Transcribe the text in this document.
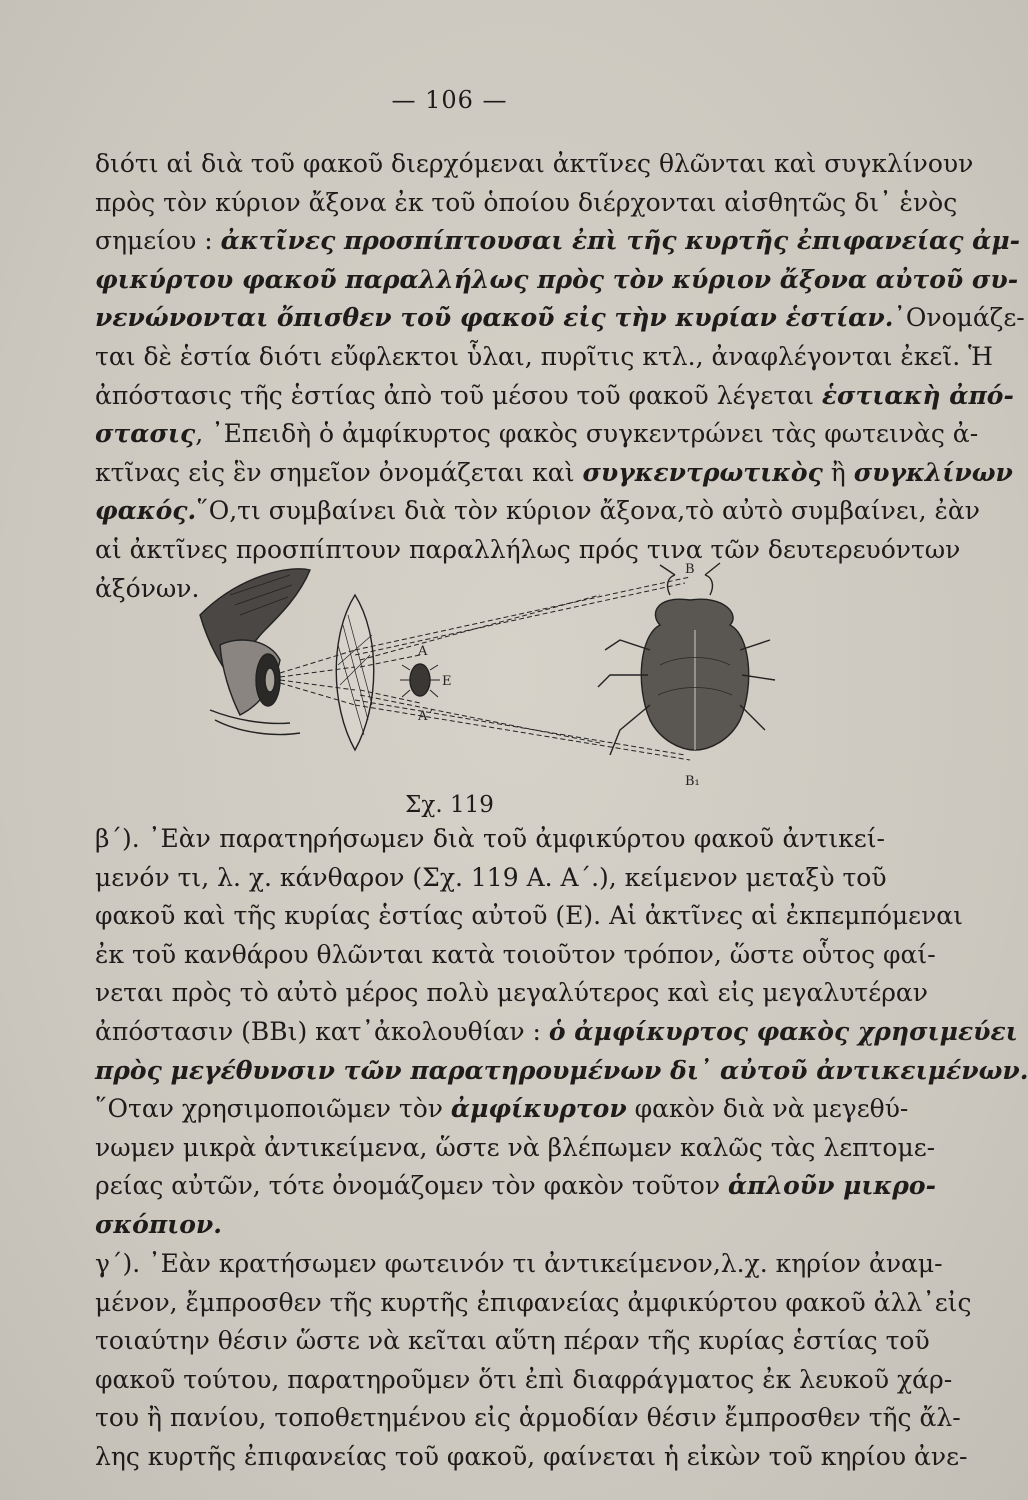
— 106 —
διότι αἱ διὰ τοῦ φακοῦ διερχόμεναι ἀκτῖνες θλῶνται καὶ συγκλίνουν
πρὸς τὸν κύριον ἄξονα ἐκ τοῦ ὁποίου διέρχονται αἰσθητῶς δι᾽ ἑνὸς
σημείου : ἀκτῖνες προσπίπτουσαι ἐπὶ τῆς κυρτῆς ἐπιφανείας ἀμ-
φικύρτου φακοῦ παραλλήλως πρὸς τὸν κύριον ἄξονα αὐτοῦ συ-
νενώνονται ὄπισθεν τοῦ φακοῦ εἰς τὴν κυρίαν ἑστίαν.᾽Ονομάζε-
ται δὲ ἑστία διότι εὔφλεκτοι ὗλαι, πυρῖτις κτλ., ἀναφλέγονται ἐκεῖ. Ἡ
ἀπόστασις τῆς ἑστίας ἀπὸ τοῦ μέσου τοῦ φακοῦ λέγεται ἑστιακὴ ἀπό-
στασις, ᾽Επειδὴ ὁ ἀμφίκυρτος φακὸς συγκεντρώνει τὰς φωτεινὰς ἀ-
κτῖνας εἰς ἓν σημεῖον ὀνομάζεται καὶ συγκεντρωτικὸς ἢ συγκλίνων
φακός.῞Ο,τι συμβαίνει διὰ τὸν κύριον ἄξονα,τὸ αὐτὸ συμβαίνει, ἐὰν
αἱ ἀκτῖνες προσπίπτουν παραλλήλως πρός τινα τῶν δευτερευόντων
ἀξόνων.
B
A
E
A΄
B₁
Σχ. 119
β΄). ᾽Εὰν παρατηρήσωμεν διὰ τοῦ ἀμφικύρτου φακοῦ ἀντικεί-
μενόν τι, λ. χ. κάνθαρον (Σχ. 119 Α. Α΄.), κείμενον μεταξὺ τοῦ
φακοῦ καὶ τῆς κυρίας ἑστίας αὐτοῦ (Ε). Αἱ ἀκτῖνες αἱ ἐκπεμπόμεναι
ἐκ τοῦ κανθάρου θλῶνται κατὰ τοιοῦτον τρόπον, ὥστε οὗτος φαί-
νεται πρὸς τὸ αὐτὸ μέρος πολὺ μεγαλύτερος καὶ εἰς μεγαλυτέραν
ἀπόστασιν (ΒΒι) κατ᾽ἀκολουθίαν : ὁ ἀμφίκυρτος φακὸς χρησιμεύει
πρὸς μεγέθυνσιν τῶν παρατηρουμένων δι᾽ αὐτοῦ ἀντικειμένων.
῞Οταν χρησιμοποιῶμεν τὸν ἀμφίκυρτον φακὸν διὰ νὰ μεγεθύ-
νωμεν μικρὰ ἀντικείμενα, ὥστε νὰ βλέπωμεν καλῶς τὰς λεπτομε-
ρείας αὐτῶν, τότε ὀνομάζομεν τὸν φακὸν τοῦτον ἁπλοῦν μικρο-
σκόπιον.
γ΄). ᾽Εὰν κρατήσωμεν φωτεινόν τι ἀντικείμενον,λ.χ. κηρίον ἀναμ-
μένον, ἔμπροσθεν τῆς κυρτῆς ἐπιφανείας ἀμφικύρτου φακοῦ ἀλλ᾽εἰς
τοιαύτην θέσιν ὥστε νὰ κεῖται αὕτη πέραν τῆς κυρίας ἑστίας τοῦ
φακοῦ τούτου, παρατηροῦμεν ὅτι ἐπὶ διαφράγματος ἐκ λευκοῦ χάρ-
του ἢ πανίου, τοποθετημένου εἰς ἁρμοδίαν θέσιν ἔμπροσθεν τῆς ἄλ-
λης κυρτῆς ἐπιφανείας τοῦ φακοῦ, φαίνεται ἡ εἰκὼν τοῦ κηρίου ἀνε-
